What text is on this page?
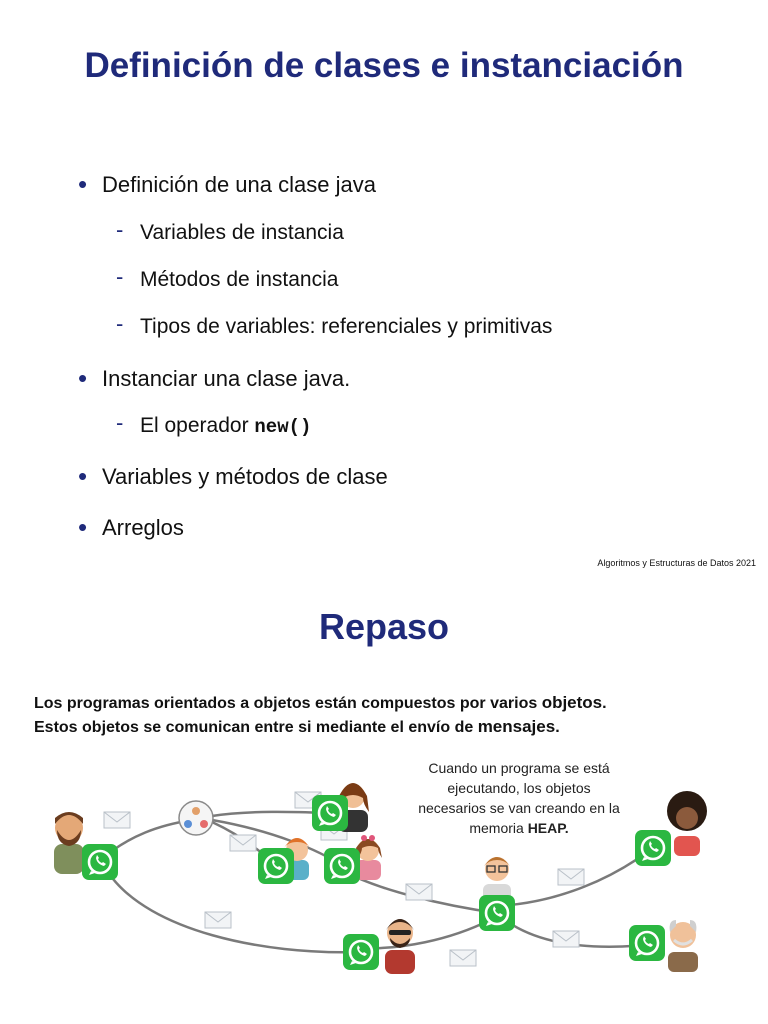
Definición de clases e instanciación
• Definición de una clase java
- Variables de instancia
- Métodos de instancia
- Tipos de variables: referenciales y primitivas
• Instanciar una clase java.
- El operador new()
• Variables y métodos de clase
• Arreglos
Algoritmos y Estructuras de Datos 2021
Repaso
Los programas orientados a objetos están compuestos por varios objetos.
Estos objetos se comunican entre si mediante el envío de mensajes.
Cuando un programa se está
ejecutando, los objetos
necesarios se van creando en la
memoria HEAP.
